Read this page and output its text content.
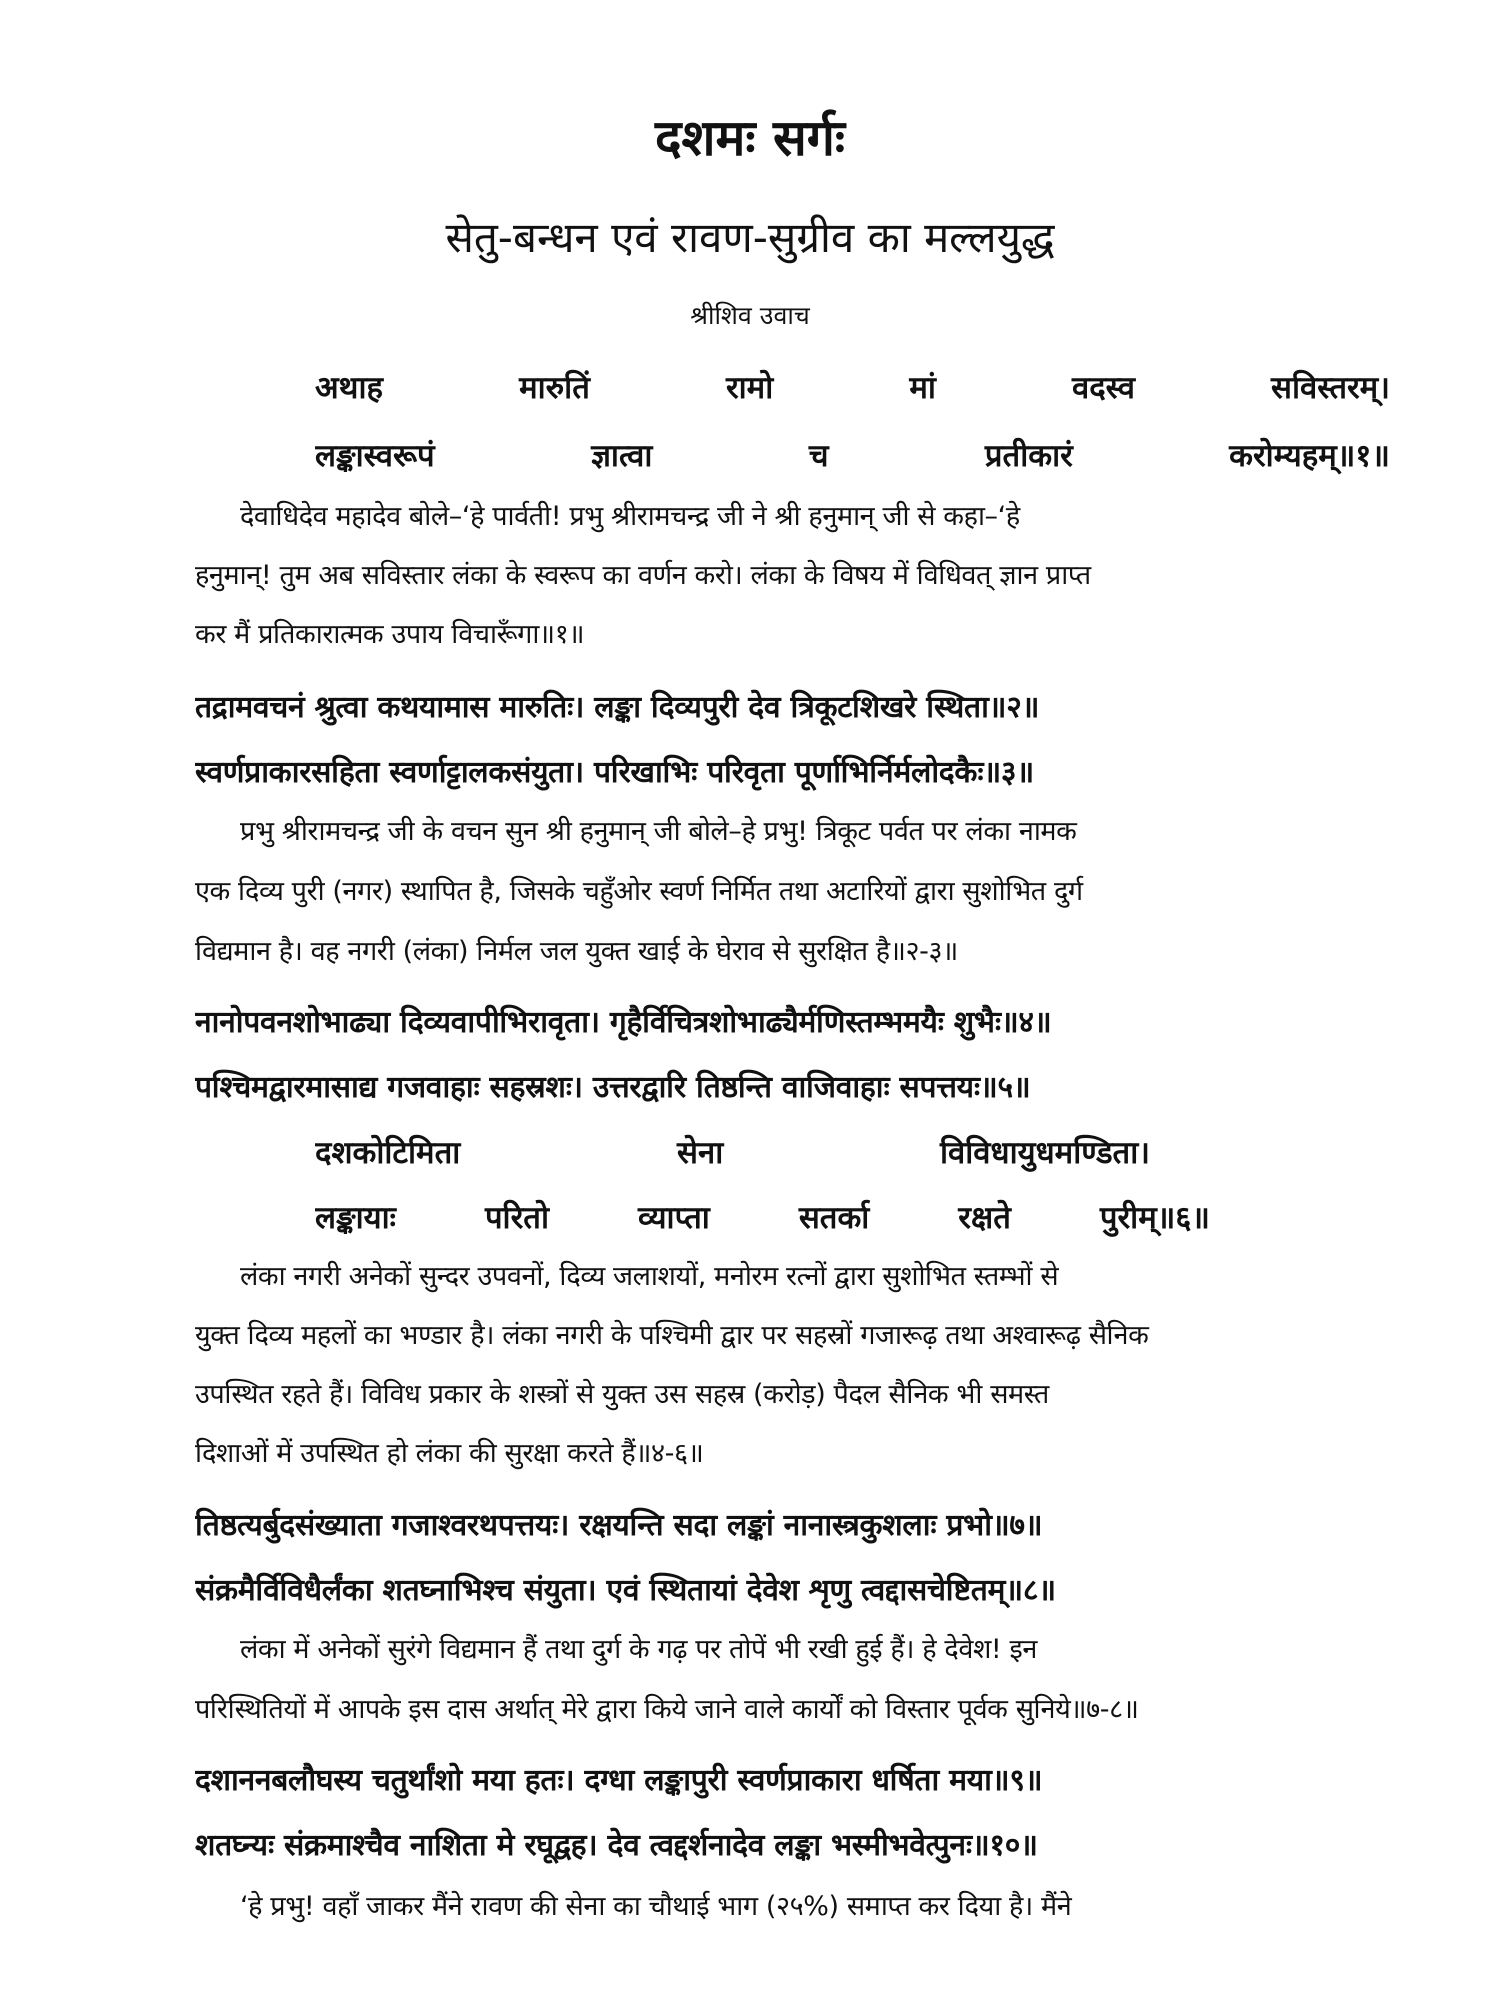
दशमः सर्गः
सेतु-बन्धन एवं रावण-सुग्रीव का मल्लयुद्ध
श्रीशिव उवाच
अथाह	मारुतिं	रामो	मां	वदस्व	सविस्तरम्।
लङ्कास्वरूपं	ज्ञात्वा	च	प्रतीकारं	करोम्यहम्॥१॥
देवाधिदेव महादेव बोले–‘हे पार्वती! प्रभु श्रीरामचन्द्र जी ने श्री हनुमान् जी से कहा–‘हे
हनुमान्! तुम अब सविस्तार लंका के स्वरूप का वर्णन करो। लंका के विषय में विधिवत् ज्ञान प्राप्त
कर मैं प्रतिकारात्मक उपाय विचारूँगा॥१॥
तद्रामवचनं श्रुत्वा कथयामास मारुतिः। लङ्का दिव्यपुरी देव त्रिकूटशिखरे स्थिता॥२॥
स्वर्णप्राकारसहिता स्वर्णाट्टालकसंयुता। परिखाभिः परिवृता पूर्णाभिर्निर्मलोदकैः॥३॥
प्रभु श्रीरामचन्द्र जी के वचन सुन श्री हनुमान् जी बोले–हे प्रभु! त्रिकूट पर्वत पर लंका नामक
एक दिव्य पुरी (नगर) स्थापित है, जिसके चहुँओर स्वर्ण निर्मित तथा अटारियों द्वारा सुशोभित दुर्ग
विद्यमान है। वह नगरी (लंका) निर्मल जल युक्त खाई के घेराव से सुरक्षित है॥२-३॥
नानोपवनशोभाढ्या दिव्यवापीभिरावृता। गृहैर्विचित्रशोभाढ्यैर्मणिस्तम्भमयैः शुभैः॥४॥
पश्चिमद्वारमासाद्य गजवाहाः सहस्रशः। उत्तरद्वारि तिष्ठन्ति वाजिवाहाः सपत्तयः॥५॥
दशकोटिमिता	सेना	विविधायुधमण्डिता।
लङ्कायाः	परितो	व्याप्ता	सतर्का	रक्षते	पुरीम्॥६॥
लंका नगरी अनेकों सुन्दर उपवनों, दिव्य जलाशयों, मनोरम रत्नों द्वारा सुशोभित स्तम्भों से
युक्त दिव्य महलों का भण्डार है। लंका नगरी के पश्चिमी द्वार पर सहस्रों गजारूढ़ तथा अश्वारूढ़ सैनिक
उपस्थित रहते हैं। विविध प्रकार के शस्त्रों से युक्त उस सहस्र (करोड़) पैदल सैनिक भी समस्त
दिशाओं में उपस्थित हो लंका की सुरक्षा करते हैं॥४-६॥
तिष्ठत्यर्बुदसंख्याता गजाश्वरथपत्तयः। रक्षयन्ति सदा लङ्कां नानास्त्रकुशलाः प्रभो॥७॥
संक्रमैर्विविधैर्लंका शतघ्नाभिश्च संयुता। एवं स्थितायां देवेश शृणु त्वद्दासचेष्टितम्॥८॥
लंका में अनेकों सुरंगे विद्यमान हैं तथा दुर्ग के गढ़ पर तोपें भी रखी हुई हैं। हे देवेश! इन
परिस्थितियों में आपके इस दास अर्थात् मेरे द्वारा किये जाने वाले कार्यों को विस्तार पूर्वक सुनिये॥७-८॥
दशाननबलौघस्य चतुर्थांशो मया हतः। दग्धा लङ्कापुरी स्वर्णप्राकारा धर्षिता मया॥९॥
शतघ्न्यः संक्रमाश्चैव नाशिता मे रघूद्वह। देव त्वद्दर्शनादेव लङ्का भस्मीभवेत्पुनः॥१०॥
‘हे प्रभु! वहाँ जाकर मैंने रावण की सेना का चौथाई भाग (२५%) समाप्त कर दिया है। मैंने
